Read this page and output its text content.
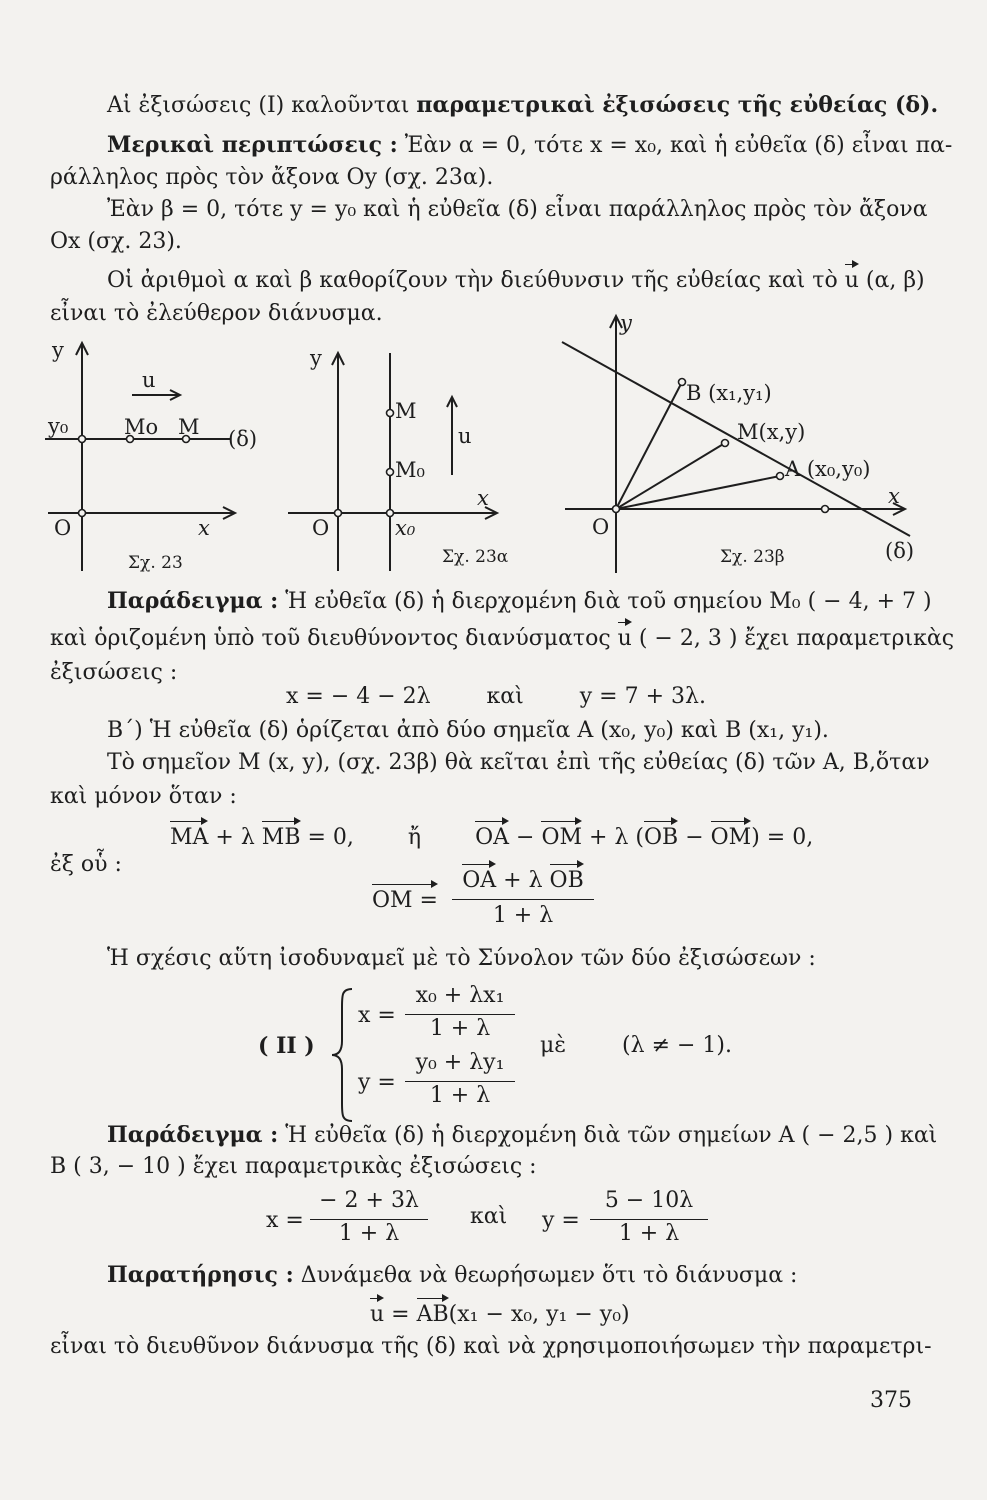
Αἱ ἐξισώσεις (I) καλοῦνται παραμετρικαὶ ἐξισώσεις τῆς εὐθείας (δ).
Μερικαὶ περιπτώσεις : Ἐὰν α = 0, τότε x = x₀, καὶ ἡ εὐθεῖα (δ) εἶναι πα-
ράλληλος πρὸς τὸν ἄξονα Oy (σχ. 23α).
Ἐὰν β = 0, τότε y = y₀ καὶ ἡ εὐθεῖα (δ) εἶναι παράλληλος πρὸς τὸν ἄξονα
Ox (σχ. 23).
Οἱ ἀριθμοὶ α καὶ β καθορίζουν τὴν διεύθυνσιν τῆς εὐθείας καὶ τὸ u (α, β)
εἶναι τὸ ἐλεύθερον διάνυσμα.
y
u
y₀	Mo M (δ)
O	x
Σχ. 23
y
M
u
M₀
x
O	x₀
Σχ. 23α
y
B (x₁,y₁)
M(x,y)
A (x₀,y₀)
x
O
Σχ. 23β	(δ)
Παράδειγμα : Ἡ εὐθεῖα (δ) ἡ διερχομένη διὰ τοῦ σημείου M₀ ( − 4, + 7 )
καὶ ὁριζομένη ὑπὸ τοῦ διευθύνοντος διανύσματος u ( − 2, 3 ) ἔχει παραμετρικὰς
ἐξισώσεις :
x = − 4 − 2λ        καὶ        y = 7 + 3λ.
Β΄) Ἡ εὐθεῖα (δ) ὁρίζεται ἀπὸ δύο σημεῖα A (x₀, y₀) καὶ B (x₁, y₁).
Τὸ σημεῖον M (x, y), (σχ. 23β) θὰ κεῖται ἐπὶ τῆς εὐθείας (δ) τῶν A, B,ὅταν
καὶ μόνον ὅταν :
MA + λ MB = 0, ἤ OA − OM + λ (OB − OM) = 0,
ἐξ οὗ :
OM =
OA + λ OB
1 + λ
Ἡ σχέσις αὕτη ἰσοδυναμεῖ μὲ τὸ Σύνολον τῶν δύο ἐξισώσεων :
( II )
x =
x₀ + λx₁
1 + λ
μὲ        (λ ≠ − 1).
y =
y₀ + λy₁
1 + λ
Παράδειγμα : Ἡ εὐθεῖα (δ) ἡ διερχομένη διὰ τῶν σημείων A ( − 2,5 ) καὶ
B ( 3, − 10 ) ἔχει παραμετρικὰς ἐξισώσεις :
x =
− 2 + 3λ
1 + λ
καὶ y =
5 − 10λ
1 + λ
Παρατήρησις : Δυνάμεθα νὰ θεωρήσωμεν ὅτι τὸ διάνυσμα :
u = AB(x₁ − x₀, y₁ − y₀)
εἶναι τὸ διευθῦνον διάνυσμα τῆς (δ) καὶ νὰ χρησιμοποιήσωμεν τὴν παραμετρι-
375
